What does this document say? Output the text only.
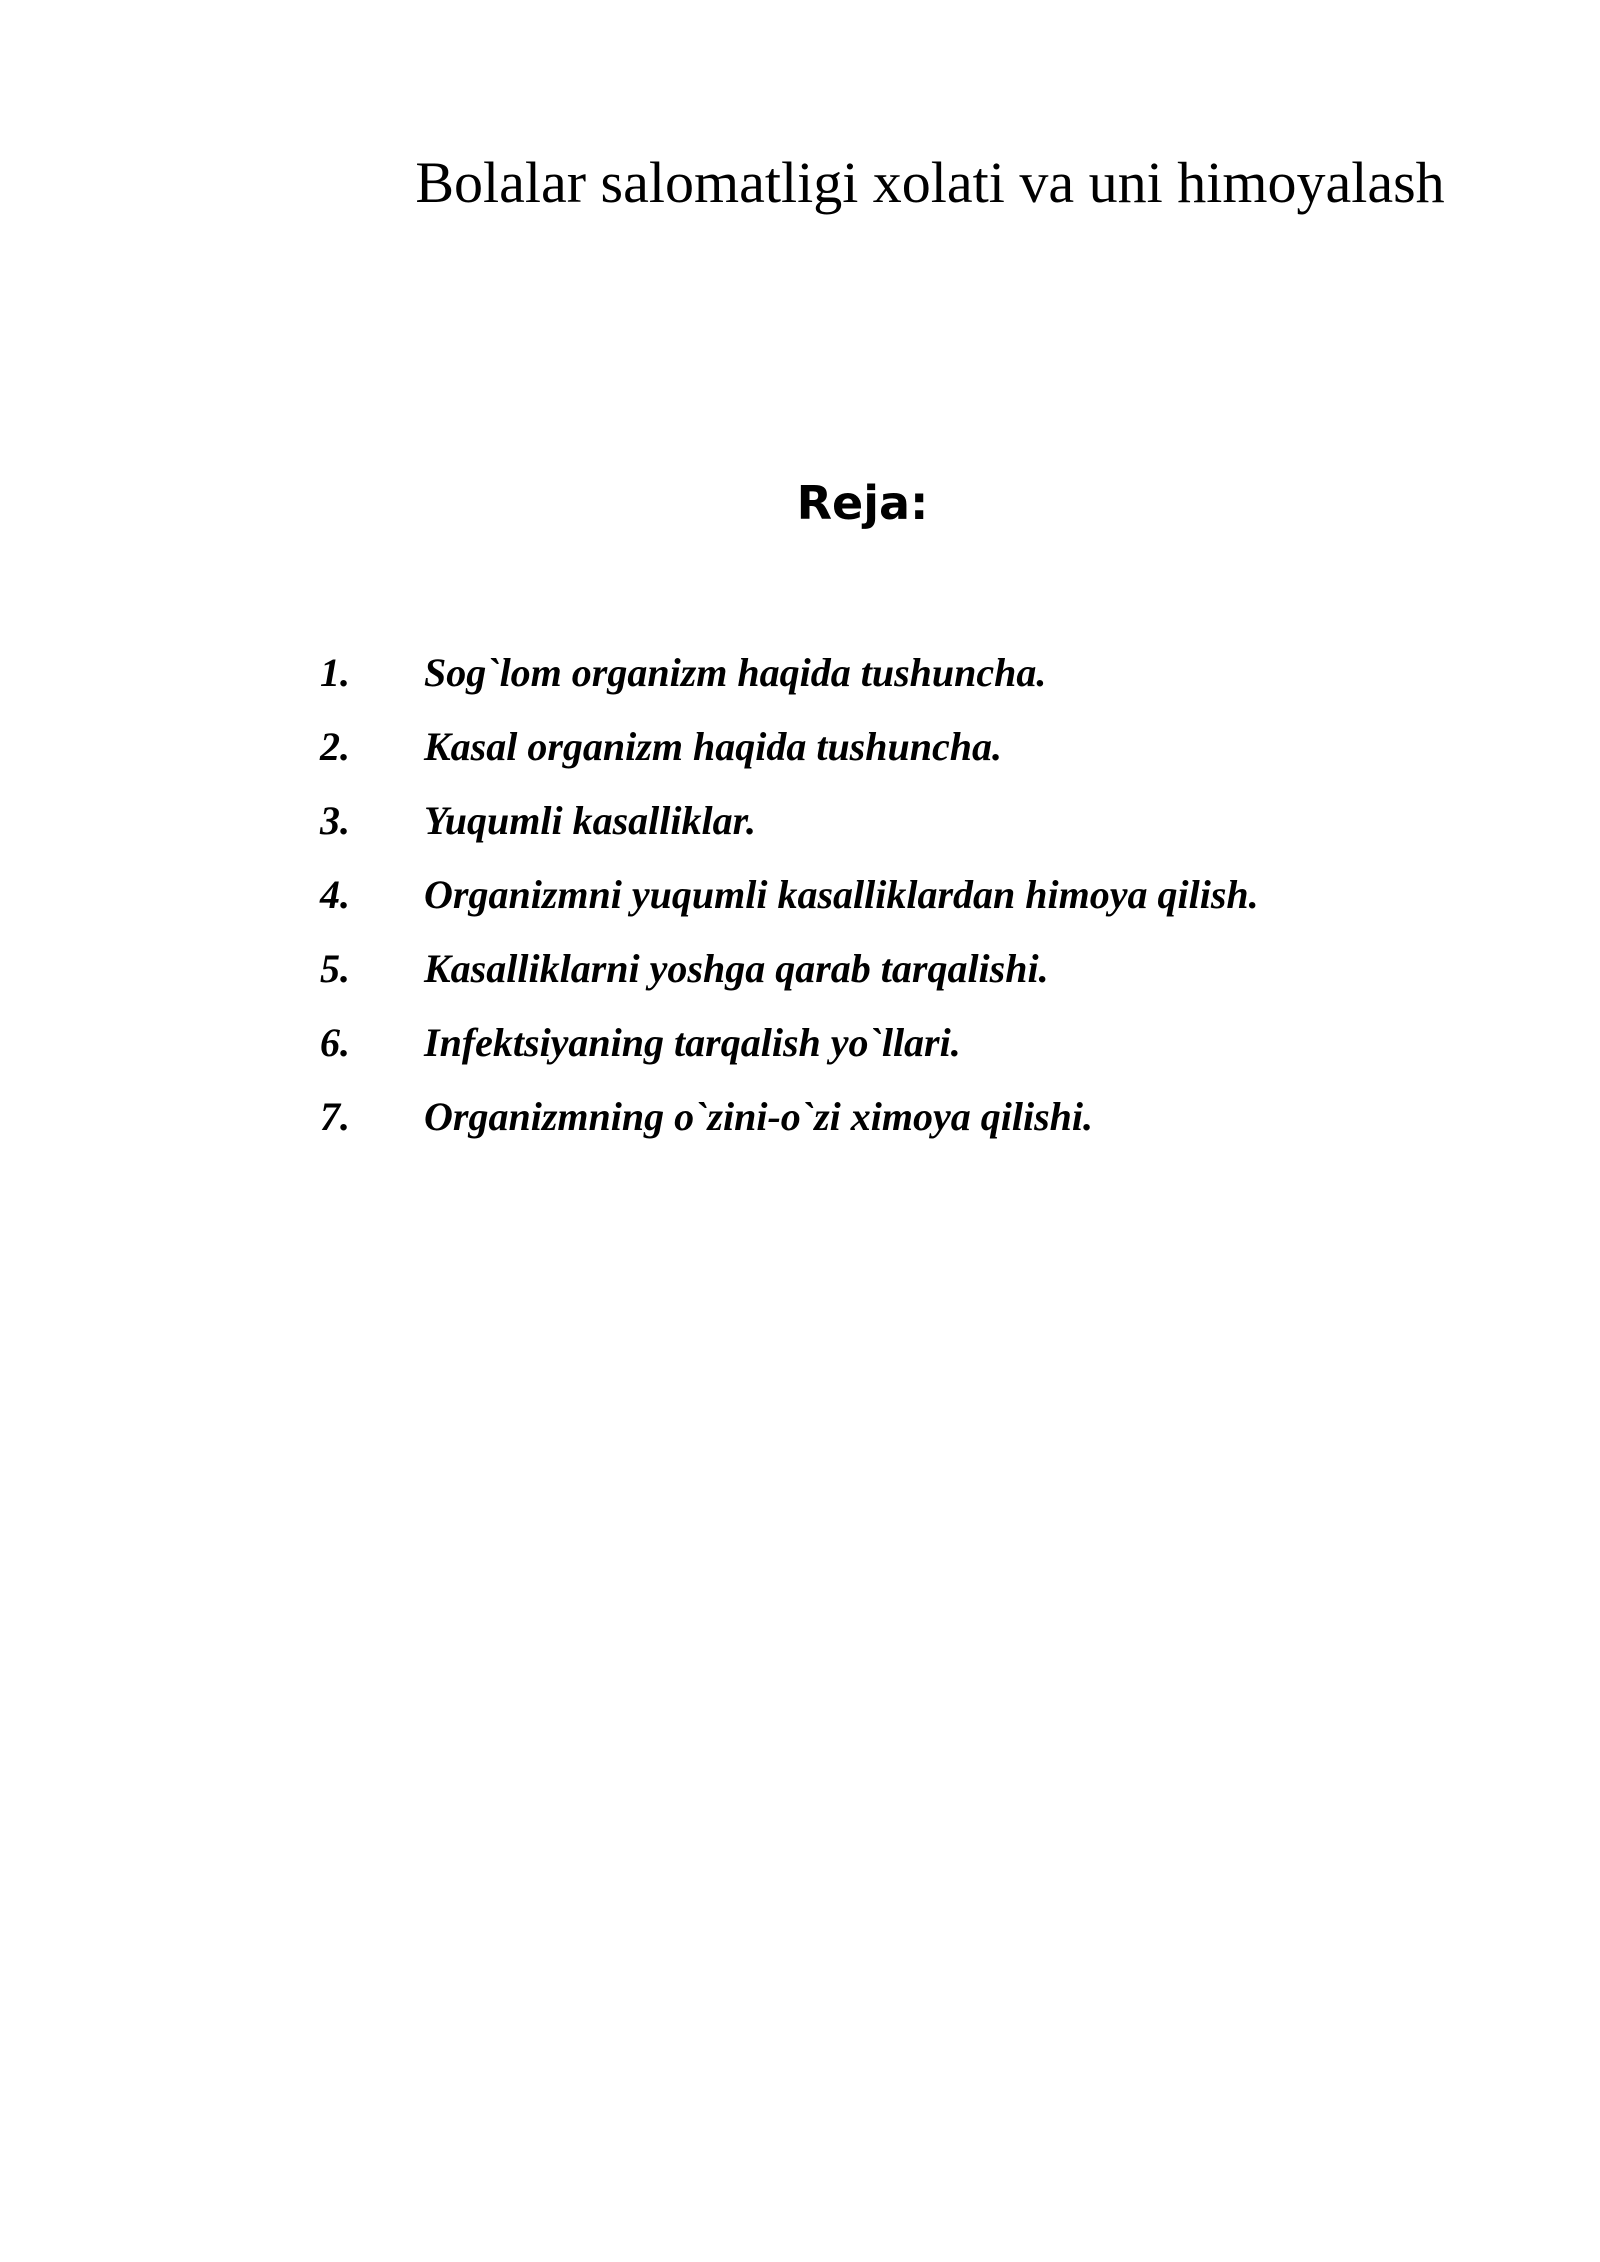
Bolalar salomatligi xolati va uni himoyalash
Reja:
1.	Sog`lom organizm haqida tushuncha.
2.	Kasal organizm haqida tushuncha.
3.	Yuqumli kasalliklar.
4.	Organizmni yuqumli kasalliklardan himoya qilish.
5.	Kasalliklarni yoshga qarab tarqalishi.
6.	Infektsiyaning tarqalish yo`llari.
7.	Organizmning o`zini-o`zi ximoya qilishi.
